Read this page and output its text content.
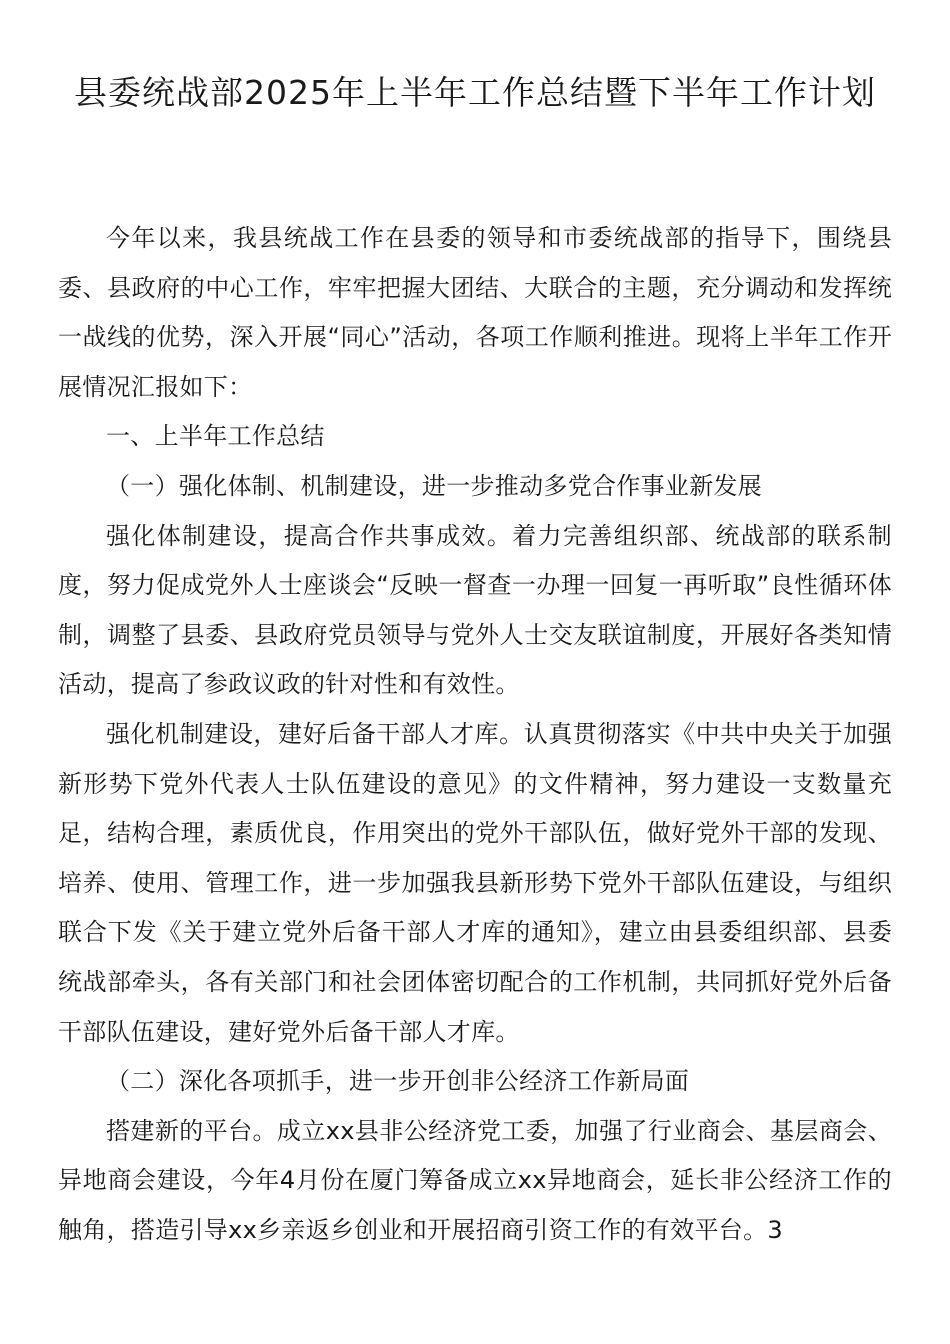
县委统战部2025年上半年工作总结暨下半年工作计划

今年以来，我县统战工作在县委的领导和市委统战部的指导下，围绕县委、县政府的中心工作，牢牢把握大团结、大联合的主题，充分调动和发挥统一战线的优势，深入开展“同心”活动，各项工作顺利推进。现将上半年工作开展情况汇报如下：

一、上半年工作总结

（一）强化体制、机制建设，进一步推动多党合作事业新发展

强化体制建设，提高合作共事成效。着力完善组织部、统战部的联系制度，努力促成党外人士座谈会“反映一督查一办理一回复一再听取”良性循环体制，调整了县委、县政府党员领导与党外人士交友联谊制度，开展好各类知情活动，提高了参政议政的针对性和有效性。

强化机制建设，建好后备干部人才库。认真贯彻落实《中共中央关于加强新形势下党外代表人士队伍建设的意见》的文件精神，努力建设一支数量充足，结构合理，素质优良，作用突出的党外干部队伍，做好党外干部的发现、培养、使用、管理工作，进一步加强我县新形势下党外干部队伍建设，与组织联合下发《关于建立党外后备干部人才库的通知》，建立由县委组织部、县委统战部牵头，各有关部门和社会团体密切配合的工作机制，共同抓好党外后备干部队伍建设，建好党外后备干部人才库。

（二）深化各项抓手，进一步开创非公经济工作新局面

搭建新的平台。成立xx县非公经济党工委，加强了行业商会、基层商会、异地商会建设，今年4月份在厦门筹备成立xx异地商会，延长非公经济工作的触角，搭造引导xx乡亲返乡创业和开展招商引资工作的有效平台。3
